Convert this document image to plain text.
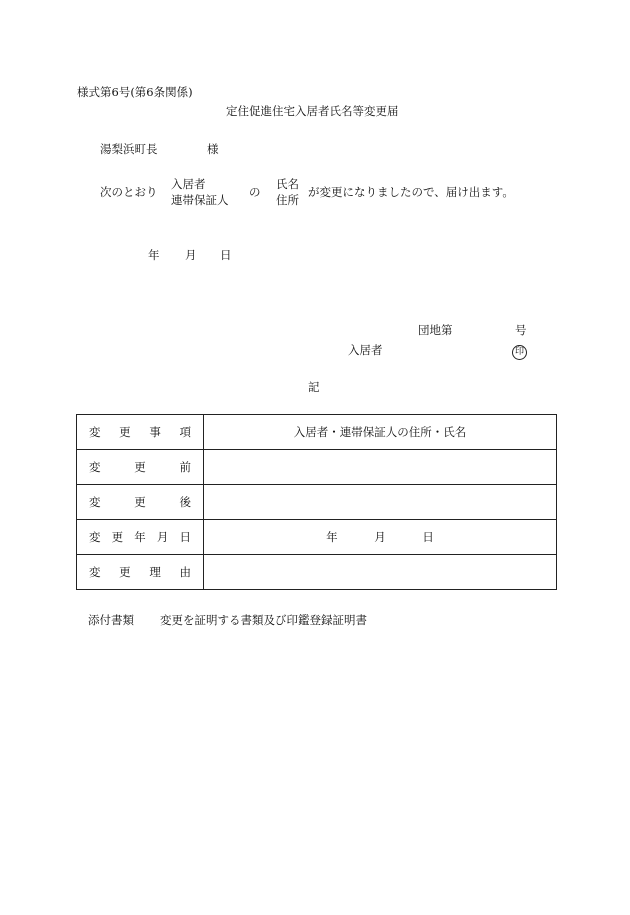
様式第6号(第6条関係)
定住促進住宅入居者氏名等変更届
湯梨浜町長	様
次のとおり
入居者
連帯保証人
の
氏名
住所
が変更になりましたので、届け出ます。
年 月 日
団地第	号
入居者	印
記
変 更 事 項	入居者・連帯保証人の住所・氏名

変 更 前	

変 更 後	

変 更 年 月 日	年 月 日

変 更 理 由	

添付書類 変更を証明する書類及び印鑑登録証明書
